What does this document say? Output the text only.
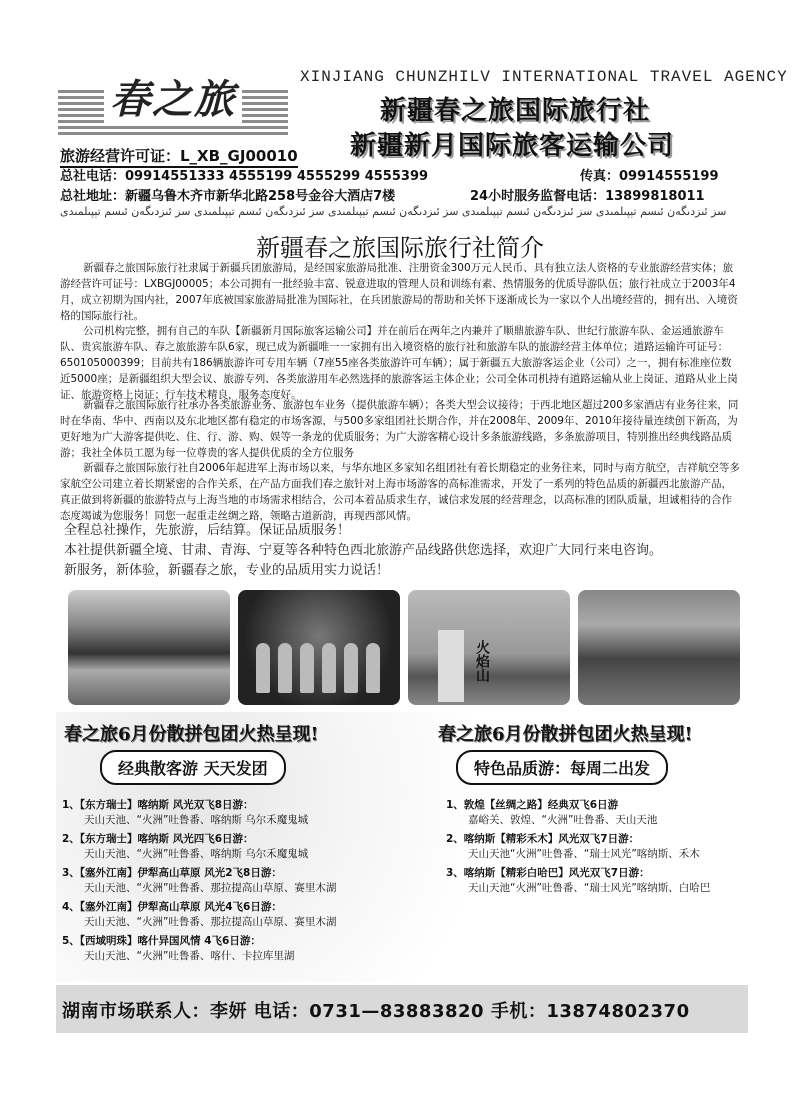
春之旅	XINJIANG CHUNZHILV INTERNATIONAL TRAVEL AGENCY
新疆春之旅国际旅行社
新疆新月国际旅客运输公司
旅游经营许可证：L_XB_GJ00010
总社电话：09914551333 4555199 4555299 4555399	传真：09914555199
总社地址：新疆乌鲁木齐市新华北路258号金谷大酒店7楼	24小时服务监督电话：13899818011
سز ئىزدىگەن ئىسم تېپىلمىدى سز ئىزدىگەن ئىسم تېپىلمىدى سز ئىزدىگەن ئىسم تېپىلمىدى سز ئىزدىگەن ئىسم تېپىلمىدى سز ئىزدىگەن ئىسم تېپىلمىدى
新疆春之旅国际旅行社简介

新疆春之旅国际旅行社隶属于新疆兵团旅游局，是经国家旅游局批准、注册资金300万元人民币、具有独立法人资格的专业旅游经营实体；旅游经营许可证号：LXBGJ00005；本公司拥有一批经验丰富、锐意进取的管理人员和训练有素、热情服务的优质导游队伍；旅行社成立于2003年4月，成立初期为国内社，2007年底被国家旅游局批准为国际社，在兵团旅游局的帮助和关怀下逐渐成长为一家以个人出境经营的，拥有出、入境资格的国际旅行社。

公司机构完整，拥有自己的车队【新疆新月国际旅客运输公司】并在前后在两年之内兼并了顺鼎旅游车队、世纪行旅游车队、金运通旅游车队、贵宾旅游车队、春之旅旅游车队6家，现已成为新疆唯一一家拥有出入境资格的旅行社和旅游车队的旅游经营主体单位；道路运输许可证号：650105000399；目前共有186辆旅游许可专用车辆（7座55座各类旅游许可车辆）；属于新疆五大旅游客运企业（公司）之一，拥有标准座位数近5000座；是新疆组织大型会议、旅游专列、各类旅游用车必然选择的旅游客运主体企业；公司全体司机持有道路运输从业上岗证、道路从业上岗证、旅游资格上岗证；行车技术精良，服务态度好。

新疆春之旅国际旅行社承办各类旅游业务、旅游包车业务（提供旅游车辆）；各类大型会议接待；于西北地区超过200多家酒店有业务往来，同时在华南、华中、西南以及东北地区都有稳定的市场客源，与500多家组团社长期合作，并在2008年、2009年、2010年接待量连续创下新高，为更好地为广大游客提供吃、住、行、游、购、娱等一条龙的优质服务；为广大游客精心设计多条旅游线路，多条旅游项目，特别推出经典线路品质游；我社全体员工愿为每一位尊贵的客人提供优质的全方位服务

新疆春之旅国际旅行社自2006年起进军上海市场以来，与华东地区多家知名组团社有着长期稳定的业务往来，同时与南方航空，吉祥航空等多家航空公司建立着长期紧密的合作关系，在产品方面我们春之旅针对上海市场游客的高标准需求，开发了一系列的特色品质的新疆西北旅游产品，真正做到将新疆的旅游特点与上海当地的市场需求相结合，公司本着品质求生存，诚信求发展的经营理念，以高标准的团队质量，坦诚相待的合作态度竭诚为您服务！同您一起重走丝绸之路，领略古道新韵，再现西部风情。

全程总社操作，先旅游，后结算。保证品质服务！

本社提供新疆全境、甘肃、青海、宁夏等各种特色西北旅游产品线路供您选择，欢迎广大同行来电咨询。

新服务，新体验，新疆春之旅，专业的品质用实力说话！

火焰山
春之旅6月份散拼包团火热呈现!
经典散客游 天天发团
1、【东方瑞士】喀纳斯 风光双飞8日游：
天山天池、“火洲”吐鲁番、喀纳斯 乌尔禾魔鬼城
2、【东方瑞士】喀纳斯 风光四飞6日游：
天山天池、“火洲”吐鲁番、喀纳斯 乌尔禾魔鬼城
3、【塞外江南】伊犁高山草原 风光2飞8日游：
天山天池、“火洲”吐鲁番、那拉提高山草原、赛里木湖
4、【塞外江南】伊犁高山草原 风光4飞6日游：
天山天池、“火洲”吐鲁番、那拉提高山草原、赛里木湖
5、【西域明珠】喀什异国风情 4飞6日游：
天山天池、“火洲”吐鲁番、喀什、卡拉库里湖
春之旅6月份散拼包团火热呈现!
特色品质游：每周二出发
1、敦煌【丝绸之路】经典双飞6日游
嘉峪关、敦煌、“火洲”吐鲁番、天山天池
2、喀纳斯【精彩禾木】风光双飞7日游：
天山天池“火洲”吐鲁番、“瑞士风光”喀纳斯、禾木
3、喀纳斯【精彩白哈巴】风光双飞7日游：
天山天池“火洲”吐鲁番、“瑞士风光”喀纳斯、白哈巴
湖南市场联系人：李妍 电话：0731—83883820 手机：13874802370
